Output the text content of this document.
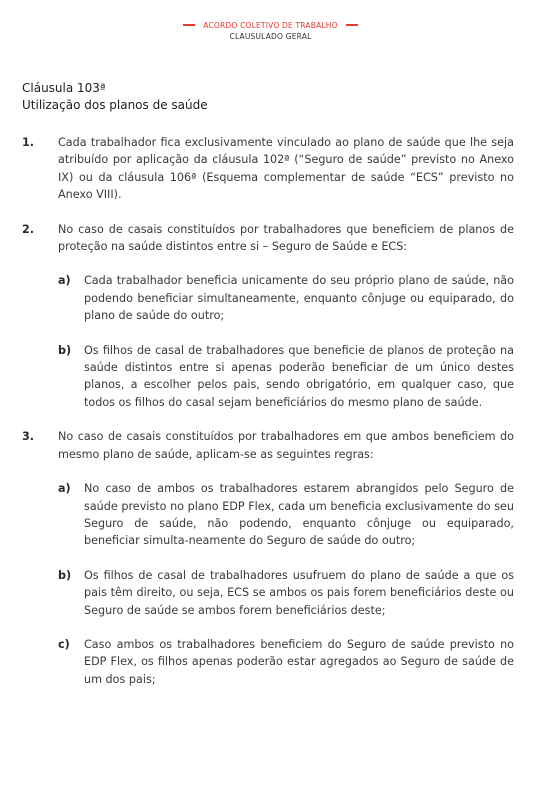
ACORDO COLETIVO DE TRABALHO
CLAUSULADO GERAL
Cláusula 103ª
Utilização dos planos de saúde
1.	Cada trabalhador fica exclusivamente vinculado ao plano de saúde que lhe seja atribuído por aplicação da cláusula 102ª (“Seguro de saúde” previsto no Anexo IX) ou da cláusula 106ª (Esquema complementar de saúde “ECS” previsto no Anexo VIII).
2.	No caso de casais constituídos por trabalhadores que beneficiem de planos de proteção na saúde distintos entre si – Seguro de Saúde e ECS:
a)	Cada trabalhador beneficia unicamente do seu próprio plano de saúde, não podendo beneficiar simultaneamente, enquanto cônjuge ou equiparado, do plano de saúde do outro;
b)	Os filhos de casal de trabalhadores que beneficie de planos de proteção na saúde distintos entre si apenas poderão beneficiar de um único destes planos, a escolher pelos pais, sendo obrigatório, em qualquer caso, que todos os filhos do casal sejam beneficiários do mesmo plano de saúde.
3.	No caso de casais constituídos por trabalhadores em que ambos beneficiem do mesmo plano de saúde, aplicam-se as seguintes regras:
a)	No caso de ambos os trabalhadores estarem abrangidos pelo Seguro de saúde previsto no plano EDP Flex, cada um beneficia exclusivamente do seu Seguro de saúde, não podendo, enquanto cônjuge ou equiparado, beneficiar simulta-neamente do Seguro de saúde do outro;
b)	Os filhos de casal de trabalhadores usufruem do plano de saúde a que os pais têm direito, ou seja, ECS se ambos os pais forem beneficiários deste ou Seguro de saúde se ambos forem beneficiários deste;
c)	Caso ambos os trabalhadores beneficiem do Seguro de saúde previsto no EDP Flex, os filhos apenas poderão estar agregados ao Seguro de saúde de um dos pais;
